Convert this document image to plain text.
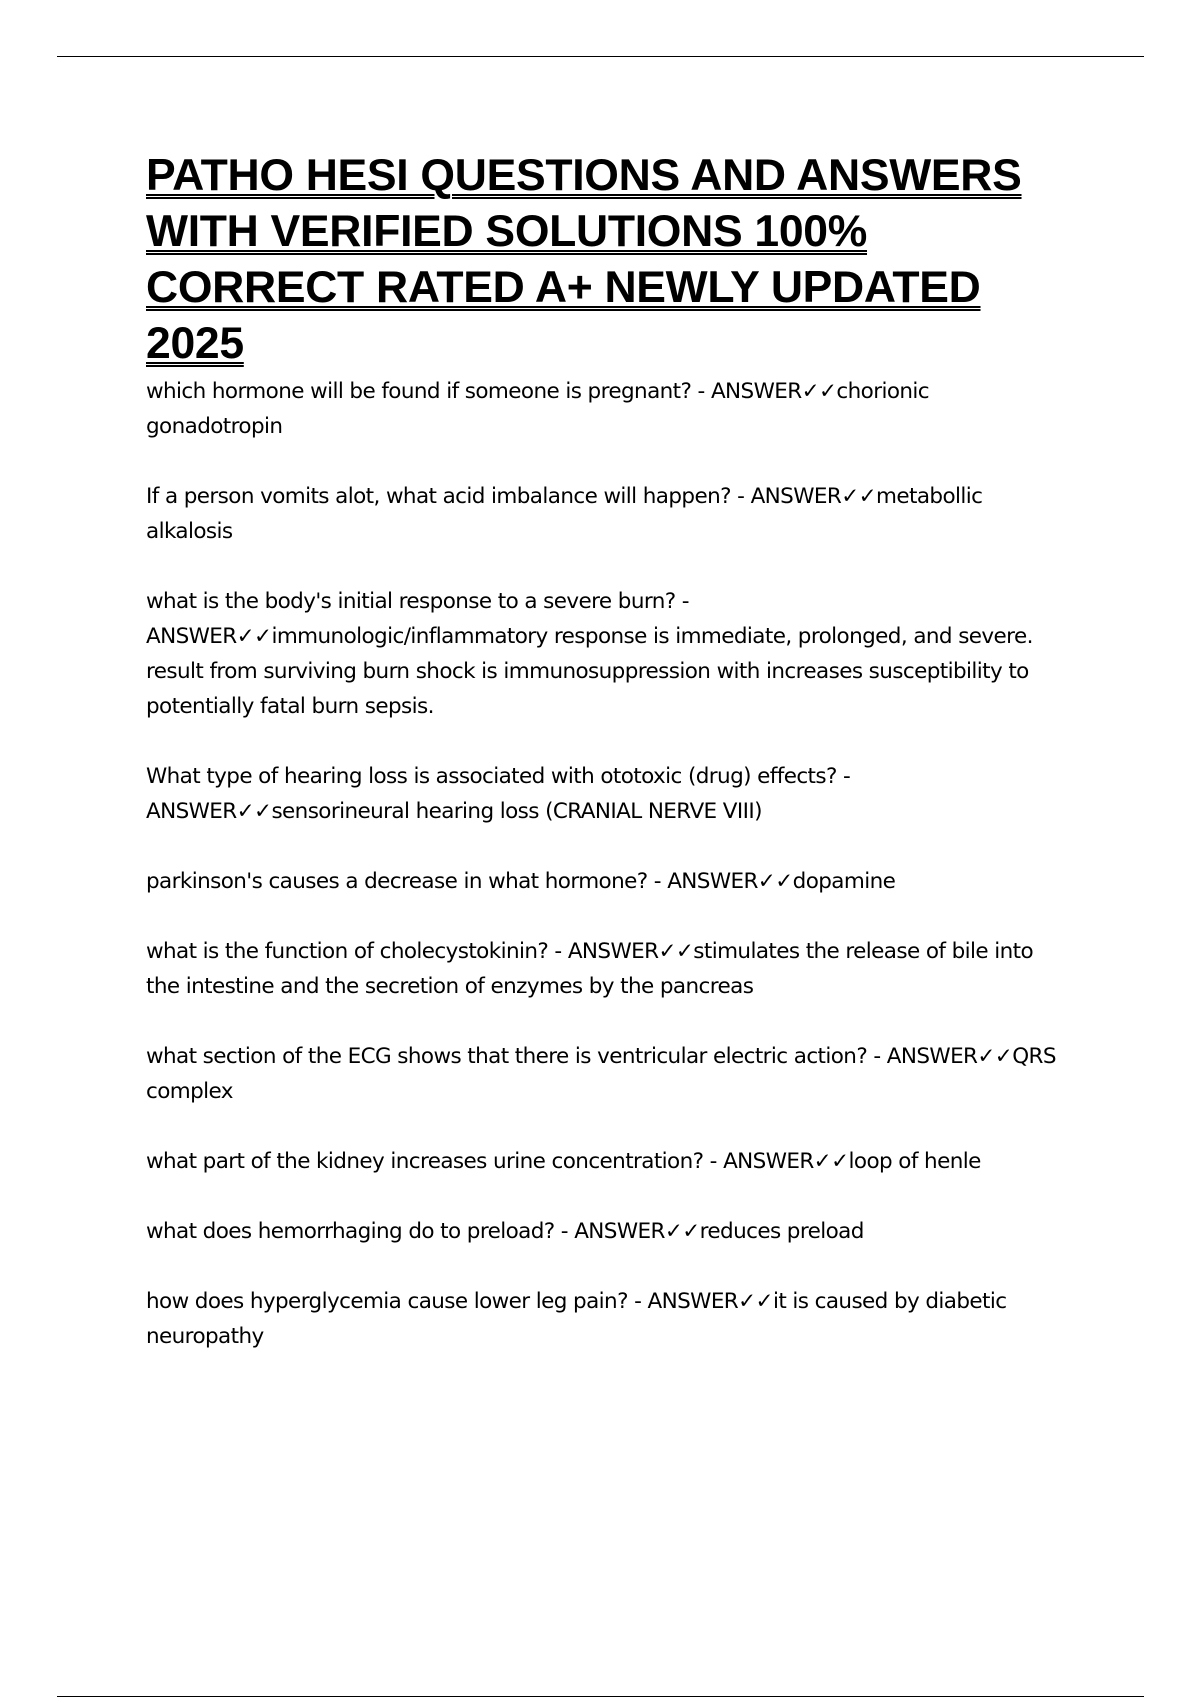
PATHO HESI QUESTIONS AND ANSWERS WITH VERIFIED SOLUTIONS 100% CORRECT RATED A+ NEWLY UPDATED 2025
which hormone will be found if someone is pregnant? - ANSWER✓✓chorionic gonadotropin
If a person vomits alot, what acid imbalance will happen? - ANSWER✓✓metabollic alkalosis
what is the body's initial response to a severe burn? - ANSWER✓✓immunologic/inflammatory response is immediate, prolonged, and severe. result from surviving burn shock is immunosuppression with increases susceptibility to potentially fatal burn sepsis.
What type of hearing loss is associated with ototoxic (drug) effects? - ANSWER✓✓sensorineural hearing loss (CRANIAL NERVE VIII)
parkinson's causes a decrease in what hormone? - ANSWER✓✓dopamine
what is the function of cholecystokinin? - ANSWER✓✓stimulates the release of bile into the intestine and the secretion of enzymes by the pancreas
what section of the ECG shows that there is ventricular electric action? - ANSWER✓✓QRS complex
what part of the kidney increases urine concentration? - ANSWER✓✓loop of henle
what does hemorrhaging do to preload? - ANSWER✓✓reduces preload
how does hyperglycemia cause lower leg pain? - ANSWER✓✓it is caused by diabetic neuropathy
